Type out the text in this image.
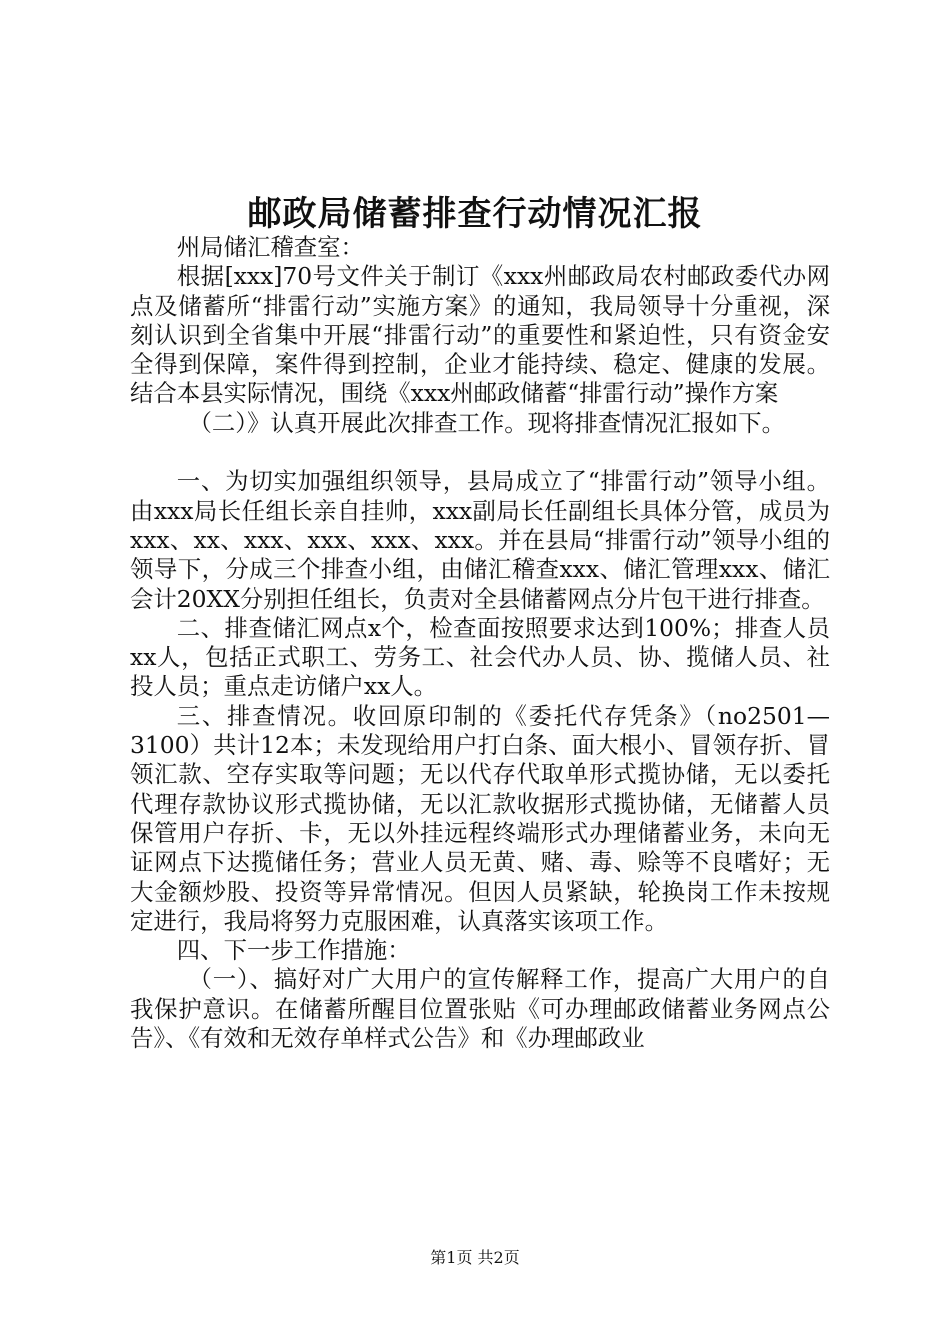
邮政局储蓄排查行动情况汇报

州局储汇稽查室：

根据[xxx]70号文件关于制订《xxx州邮政局农村邮政委代办网点及储蓄所“排雷行动”实施方案》的通知，我局领导十分重视，深刻认识到全省集中开展“排雷行动”的重要性和紧迫性，只有资金安全得到保障，案件得到控制，企业才能持续、稳定、健康的发展。结合本县实际情况，围绕《xxx州邮政储蓄“排雷行动”操作方案

（二）》认真开展此次排查工作。现将排查情况汇报如下。

一、为切实加强组织领导，县局成立了“排雷行动”领导小组。由xxx局长任组长亲自挂帅，xxx副局长任副组长具体分管，成员为xxx、xx、xxx、xxx、xxx、xxx。并在县局“排雷行动”领导小组的领导下，分成三个排查小组，由储汇稽查xxx、储汇管理xxx、储汇会计20XX分别担任组长，负责对全县储蓄网点分片包干进行排查。

二、排查储汇网点x个，检查面按照要求达到100%；排查人员xx人，包括正式职工、劳务工、社会代办人员、协、揽储人员、社投人员；重点走访储户xx人。

三、排查情况。收回原印制的《委托代存凭条》（no2501—3100）共计12本；未发现给用户打白条、面大根小、冒领存折、冒领汇款、空存实取等问题；无以代存代取单形式揽协储，无以委托代理存款协议形式揽协储，无以汇款收据形式揽协储，无储蓄人员保管用户存折、卡，无以外挂远程终端形式办理储蓄业务，未向无证网点下达揽储任务；营业人员无黄、赌、毒、赊等不良嗜好；无大金额炒股、投资等异常情况。但因人员紧缺，轮换岗工作未按规定进行，我局将努力克服困难，认真落实该项工作。

四、下一步工作措施：

（一）、搞好对广大用户的宣传解释工作，提高广大用户的自我保护意识。在储蓄所醒目位置张贴《可办理邮政储蓄业务网点公告》、《有效和无效存单样式公告》和《办理邮政业

第1页 共2页
